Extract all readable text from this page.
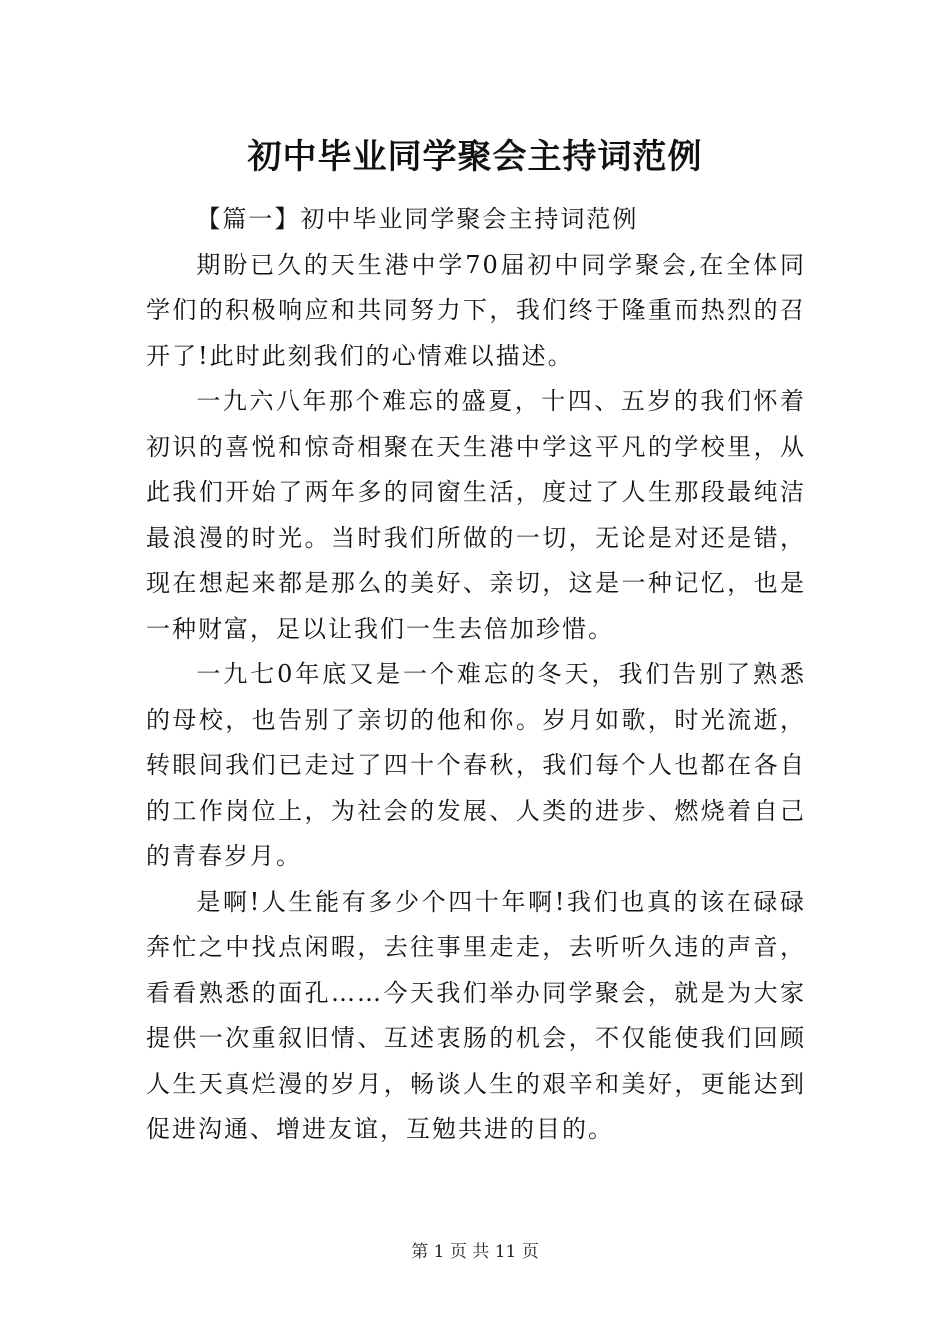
初中毕业同学聚会主持词范例

【篇一】初中毕业同学聚会主持词范例

期盼已久的天生港中学70届初中同学聚会,在全体同学们的积极响应和共同努力下，我们终于隆重而热烈的召开了!此时此刻我们的心情难以描述。

一九六八年那个难忘的盛夏，十四、五岁的我们怀着初识的喜悦和惊奇相聚在天生港中学这平凡的学校里，从此我们开始了两年多的同窗生活，度过了人生那段最纯洁最浪漫的时光。当时我们所做的一切，无论是对还是错，现在想起来都是那么的美好、亲切，这是一种记忆，也是一种财富，足以让我们一生去倍加珍惜。

一九七0年底又是一个难忘的冬天，我们告别了熟悉的母校，也告别了亲切的他和你。岁月如歌，时光流逝，转眼间我们已走过了四十个春秋，我们每个人也都在各自的工作岗位上，为社会的发展、人类的进步、燃烧着自己的青春岁月。

是啊!人生能有多少个四十年啊!我们也真的该在碌碌奔忙之中找点闲暇，去往事里走走，去听听久违的声音，看看熟悉的面孔……今天我们举办同学聚会，就是为大家提供一次重叙旧情、互述衷肠的机会，不仅能使我们回顾人生天真烂漫的岁月，畅谈人生的艰辛和美好，更能达到促进沟通、增进友谊，互勉共进的目的。

第 1 页 共 11 页
